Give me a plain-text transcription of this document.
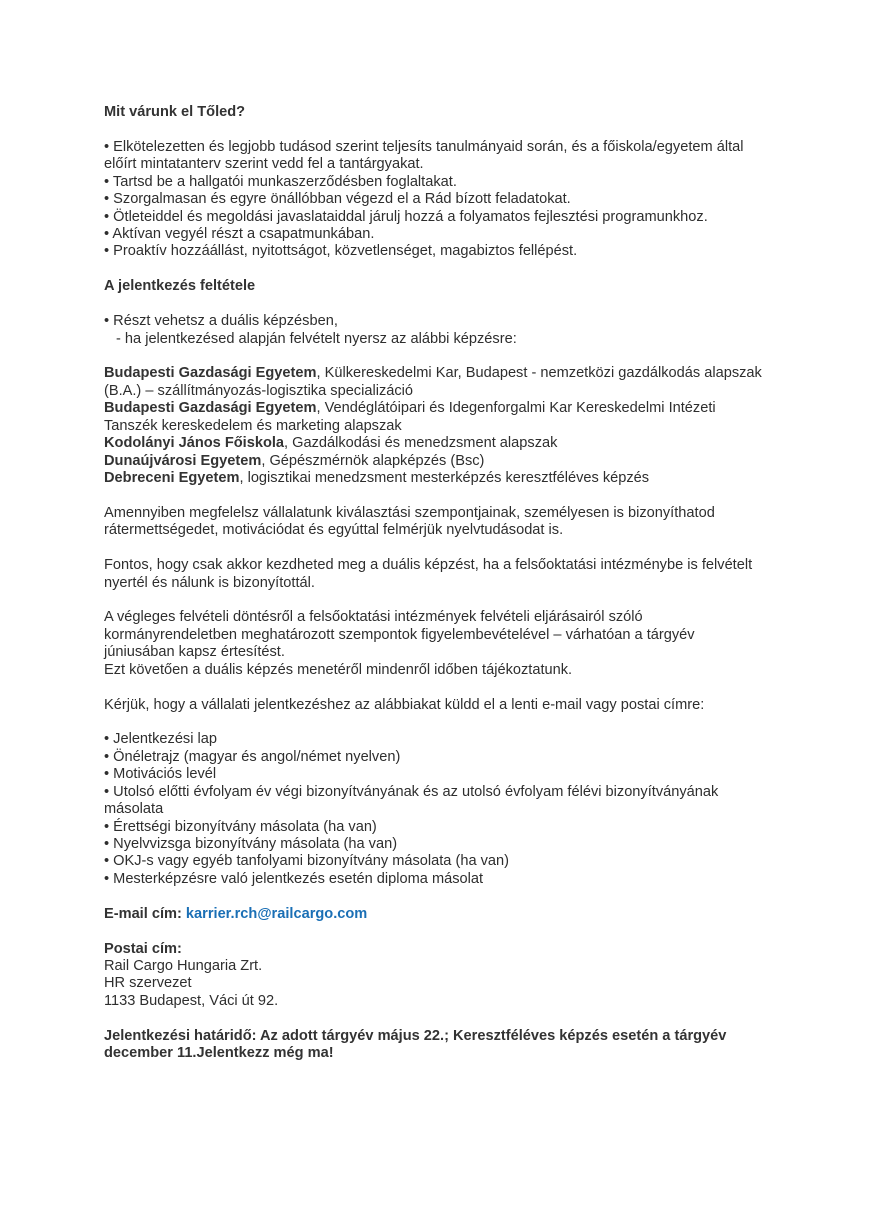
Mit várunk el Tőled?

• Elkötelezetten és legjobb tudásod szerint teljesíts tanulmányaid során, és a főiskola/egyetem által előírt mintatanterv szerint vedd fel a tantárgyakat.
• Tartsd be a hallgatói munkaszerződésben foglaltakat.
• Szorgalmasan és egyre önállóbban végezd el a Rád bízott feladatokat.
• Ötleteiddel és megoldási javaslataiddal járulj hozzá a folyamatos fejlesztési programunkhoz.
• Aktívan vegyél részt a csapatmunkában.
• Proaktív hozzáállást, nyitottságot, közvetlenséget, magabiztos fellépést.

A jelentkezés feltétele

• Részt vehetsz a duális képzésben,

- ha jelentkezésed alapján felvételt nyersz az alábbi képzésre:

Budapesti Gazdasági Egyetem, Külkereskedelmi Kar, Budapest - nemzetközi gazdálkodás alapszak (B.A.) – szállítmányozás-logisztika specializáció

Budapesti Gazdasági Egyetem, Vendéglátóipari és Idegenforgalmi Kar Kereskedelmi Intézeti Tanszék kereskedelem és marketing alapszak

Kodolányi János Főiskola, Gazdálkodási és menedzsment alapszak

Dunaújvárosi Egyetem, Gépészmérnök alapképzés (Bsc)

Debreceni Egyetem, logisztikai menedzsment mesterképzés keresztféléves képzés

Amennyiben megfelelsz vállalatunk kiválasztási szempontjainak, személyesen is bizonyíthatod rátermettségedet, motivációdat és egyúttal felmérjük nyelvtudásodat is.

Fontos, hogy csak akkor kezdheted meg a duális képzést, ha a felsőoktatási intézménybe is felvételt nyertél és nálunk is bizonyítottál.

A végleges felvételi döntésről a felsőoktatási intézmények felvételi eljárásairól szóló kormányrendeletben meghatározott szempontok figyelembevételével – várhatóan a tárgyév júniusában kapsz értesítést.

Ezt követően a duális képzés menetéről mindenről időben tájékoztatunk.

Kérjük, hogy a vállalati jelentkezéshez az alábbiakat küldd el a lenti e-mail vagy postai címre:

• Jelentkezési lap
• Önéletrajz (magyar és angol/német nyelven)
• Motivációs levél
• Utolsó előtti évfolyam év végi bizonyítványának és az utolsó évfolyam félévi bizonyítványának másolata
• Érettségi bizonyítvány másolata (ha van)
• Nyelvvizsga bizonyítvány másolata (ha van)
• OKJ-s vagy egyéb tanfolyami bizonyítvány másolata (ha van)
• Mesterképzésre való jelentkezés esetén diploma másolat

E-mail cím: karrier.rch@railcargo.com

Postai cím:

Rail Cargo Hungaria Zrt.

HR szervezet

1133 Budapest, Váci út 92.

Jelentkezési határidő: Az adott tárgyév május 22.; Keresztféléves képzés esetén a tárgyév december 11.Jelentkezz még ma!
